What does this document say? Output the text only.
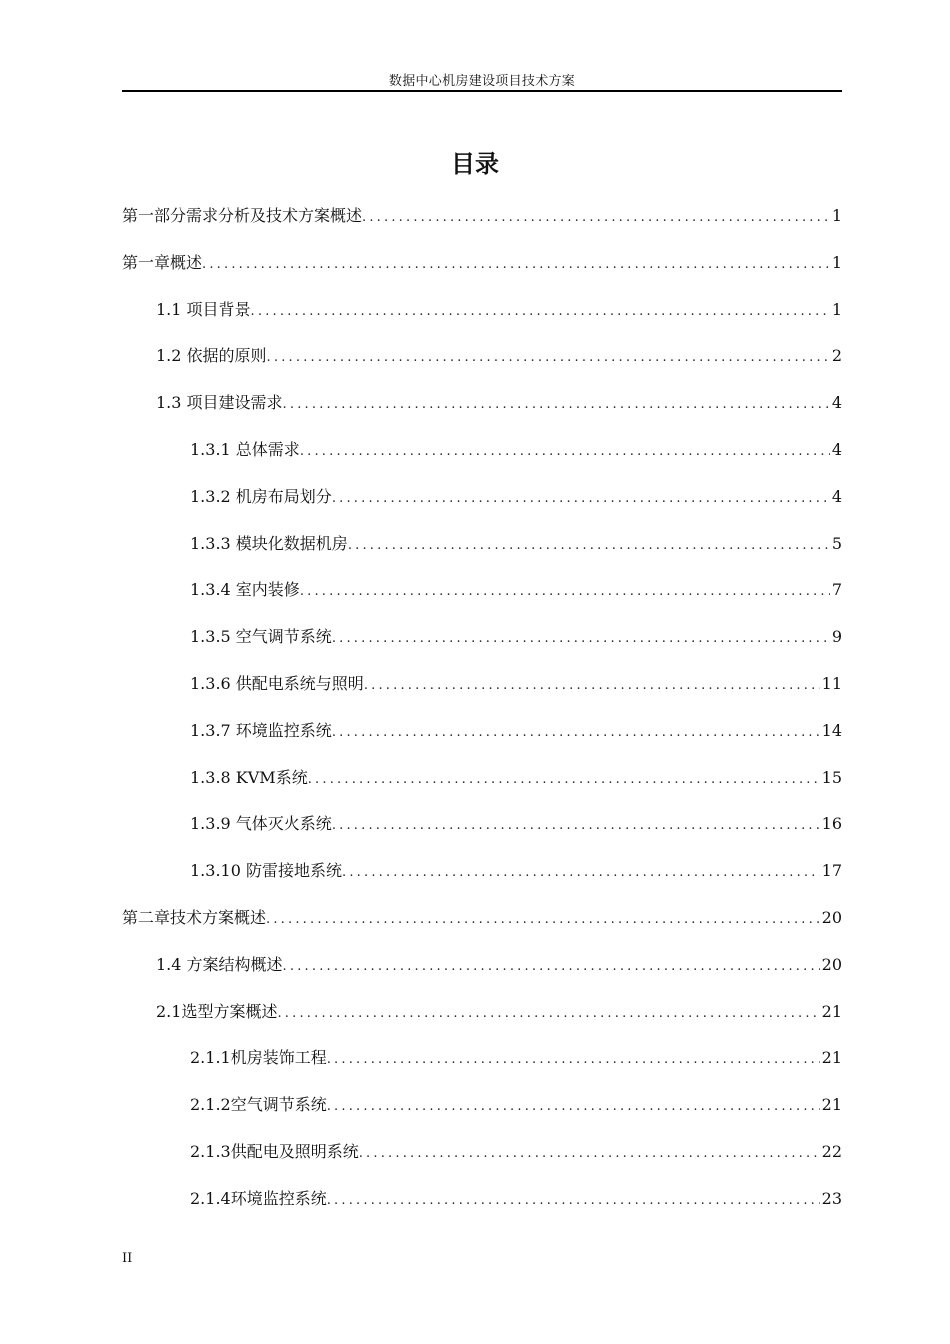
数据中心机房建设项目技术方案
目录
第一部分需求分析及技术方案概述 .....	1
第一章概述 .....	1
1.1 项目背景 .....	1
1.2 依据的原则 .....	2
1.3 项目建设需求 .....	4
1.3.1 总体需求 .....	4
1.3.2 机房布局划分 .....	4
1.3.3 模块化数据机房 .....	5
1.3.4 室内装修 .....	7
1.3.5 空气调节系统 .....	9
1.3.6 供配电系统与照明 .....	11
1.3.7 环境监控系统 .....	14
1.3.8 KVM系统 .....	15
1.3.9 气体灭火系统 .....	16
1.3.10 防雷接地系统 .....	17
第二章技术方案概述 .....	20
1.4 方案结构概述 .....	20
2.1选型方案概述 .....	21
2.1.1机房装饰工程 .....	21
2.1.2空气调节系统 .....	21
2.1.3供配电及照明系统 .....	22
2.1.4环境监控系统 .....	23
II
